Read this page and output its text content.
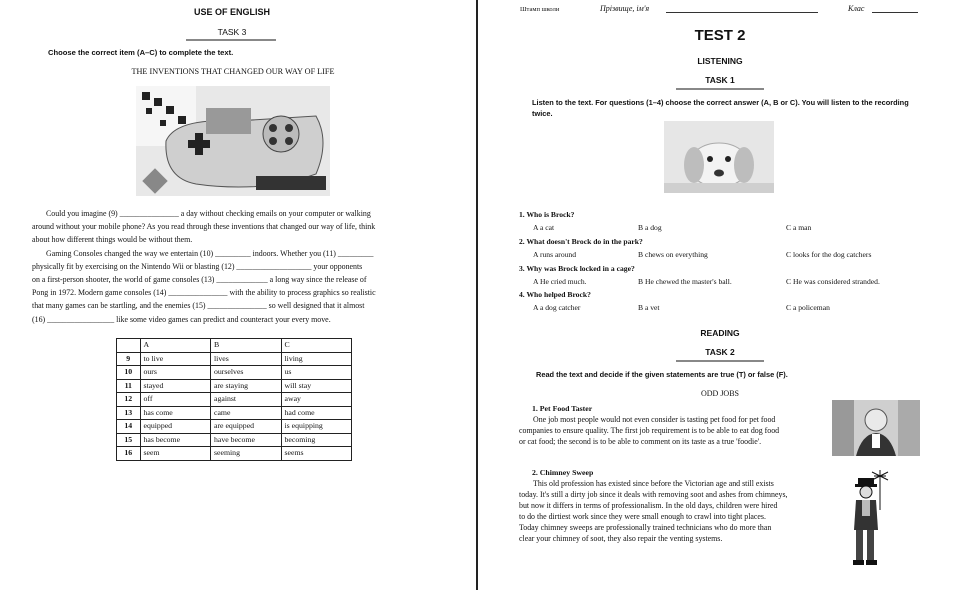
USE OF ENGLISH
TASK 3
Choose the correct item (A–C) to complete the text.
THE INVENTIONS THAT CHANGED OUR WAY OF LIFE
Could you imagine (9) _______________ a day without checking emails on your computer or walking
around without your mobile phone? As you read through these inventions that changed our way of life, think
about how different things would be without them.
Gaming Consoles changed the way we entertain (10) _________ indoors. Whether you (11) _________
physically fit by exercising on the Nintendo Wii or blasting (12) ___________________ your opponents
on a first-person shooter, the world of game consoles (13) _____________ a long way since the release of
Pong in 1972. Modern game consoles (14) _______________ with the ability to process graphics so realistic
that many games can be startling, and the enemies (15) _______________ so well designed that it almost
(16) _________________ like some video games can predict and counteract your every move.
	A	B	C
9	to live	lives	living
10	ours	ourselves	us
11	stayed	are staying	will stay
12	off	against	away
13	has come	came	had come
14	equipped	are equipped	is equipping
15	has become	have become	becoming
16	seem	seeming	seems
Штамп школи	Прізвище, ім'я	Клас
TEST 2
LISTENING
TASK 1
Listen to the text. For questions (1–4) choose the correct answer (A, B or C). You will listen to the recording twice.
1. Who is Brock?
A a cat	B a dog	C a man
2. What doesn't Brock do in the park?
A runs around	B chews on everything	C looks for the dog catchers
3. Why was Brock locked in a cage?
A He cried much.	B He chewed the master's ball.	C He was considered stranded.
4. Who helped Brock?
A a dog catcher	B a vet	C a policeman
READING
TASK 2
Read the text and decide if the given statements are true (T) or false (F).
ODD JOBS
1. Pet Food Taster
One job most people would not even consider is tasting pet food for pet food
companies to ensure quality. The first job requirement is to be able to eat dog food
or cat food; the second is to be able to comment on its taste as a true 'foodie'.
2. Chimney Sweep
This old profession has existed since before the Victorian age and still exists
today. It's still a dirty job since it deals with removing soot and ashes from chimneys,
but now it differs in terms of professionalism. In the old days, children were hired
to do the dirtiest work since they were small enough to crawl into tight places.
Today chimney sweeps are professionally trained technicians who do more than
clear your chimney of soot, they also repair the venting systems.
